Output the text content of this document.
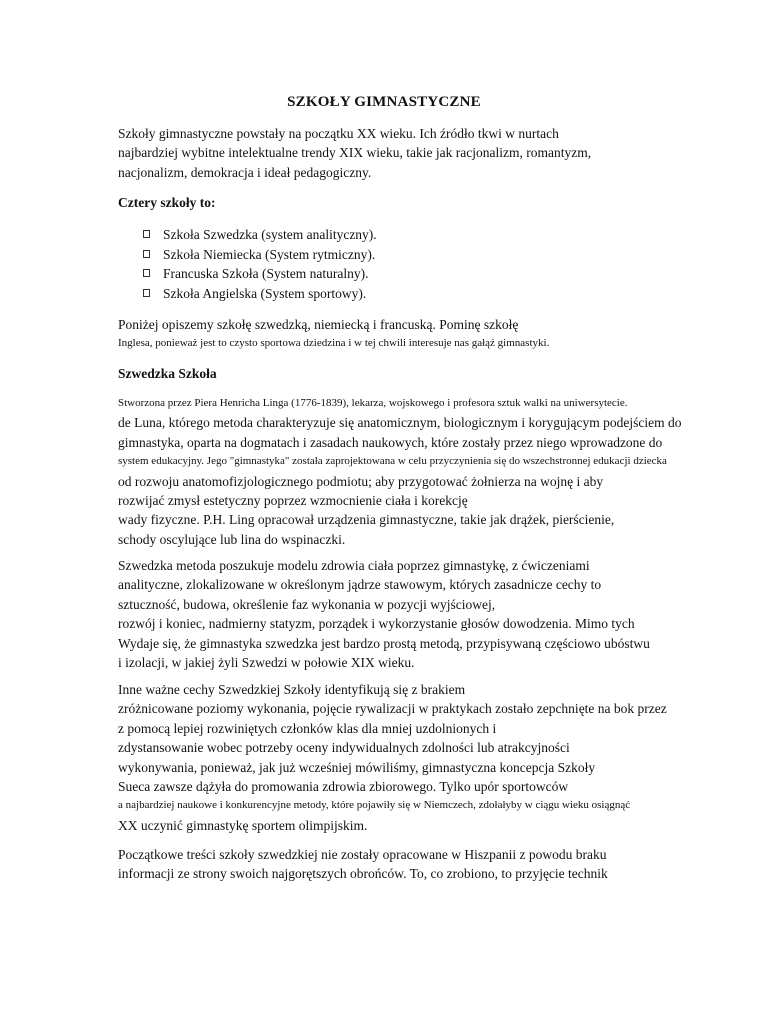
SZKOŁY GIMNASTYCZNE
Szkoły gimnastyczne powstały na początku XX wieku. Ich źródło tkwi w nurtach
najbardziej wybitne intelektualne trendy XIX wieku, takie jak racjonalizm, romantyzm,
nacjonalizm, demokracja i ideał pedagogiczny.
Cztery szkoły to:
Szkoła Szwedzka (system analityczny).
Szkoła Niemiecka (System rytmiczny).
Francuska Szkoła (System naturalny).
Szkoła Angielska (System sportowy).
Poniżej opiszemy szkołę szwedzką, niemiecką i francuską. Pominę szkołę
Inglesa, ponieważ jest to czysto sportowa dziedzina i w tej chwili interesuje nas gałąź gimnastyki.
Szwedzka Szkoła
Stworzona przez Piera Henricha Linga (1776-1839), lekarza, wojskowego i profesora sztuk walki na uniwersytecie.
de Luna, którego metoda charakteryzuje się anatomicznym, biologicznym i korygującym podejściem do
gimnastyka, oparta na dogmatach i zasadach naukowych, które zostały przez niego wprowadzone do
system edukacyjny. Jego "gimnastyka" została zaprojektowana w celu przyczynienia się do wszechstronnej edukacji dziecka
od rozwoju anatomofizjologicznego podmiotu; aby przygotować żołnierza na wojnę i aby
rozwijać zmysł estetyczny poprzez wzmocnienie ciała i korekcję
wady fizyczne. P.H. Ling opracował urządzenia gimnastyczne, takie jak drążek, pierścienie,
schody oscylujące lub lina do wspinaczki.
Szwedzka metoda poszukuje modelu zdrowia ciała poprzez gimnastykę, z ćwiczeniami
analityczne, zlokalizowane w określonym jądrze stawowym, których zasadnicze cechy to
sztuczność, budowa, określenie faz wykonania w pozycji wyjściowej,
rozwój i koniec, nadmierny statyzm, porządek i wykorzystanie głosów dowodzenia. Mimo tych
Wydaje się, że gimnastyka szwedzka jest bardzo prostą metodą, przypisywaną częściowo ubóstwu
i izolacji, w jakiej żyli Szwedzi w połowie XIX wieku.
Inne ważne cechy Szwedzkiej Szkoły identyfikują się z brakiem
zróżnicowane poziomy wykonania, pojęcie rywalizacji w praktykach zostało zepchnięte na bok przez
z pomocą lepiej rozwiniętych członków klas dla mniej uzdolnionych i
zdystansowanie wobec potrzeby oceny indywidualnych zdolności lub atrakcyjności
wykonywania, ponieważ, jak już wcześniej mówiliśmy, gimnastyczna koncepcja Szkoły
Sueca zawsze dążyła do promowania zdrowia zbiorowego. Tylko upór sportowców
a najbardziej naukowe i konkurencyjne metody, które pojawiły się w Niemczech, zdołałyby w ciągu wieku osiągnąć
XX uczynić gimnastykę sportem olimpijskim.
Początkowe treści szkoły szwedzkiej nie zostały opracowane w Hiszpanii z powodu braku
informacji ze strony swoich najgorętszych obrońców. To, co zrobiono, to przyjęcie technik
